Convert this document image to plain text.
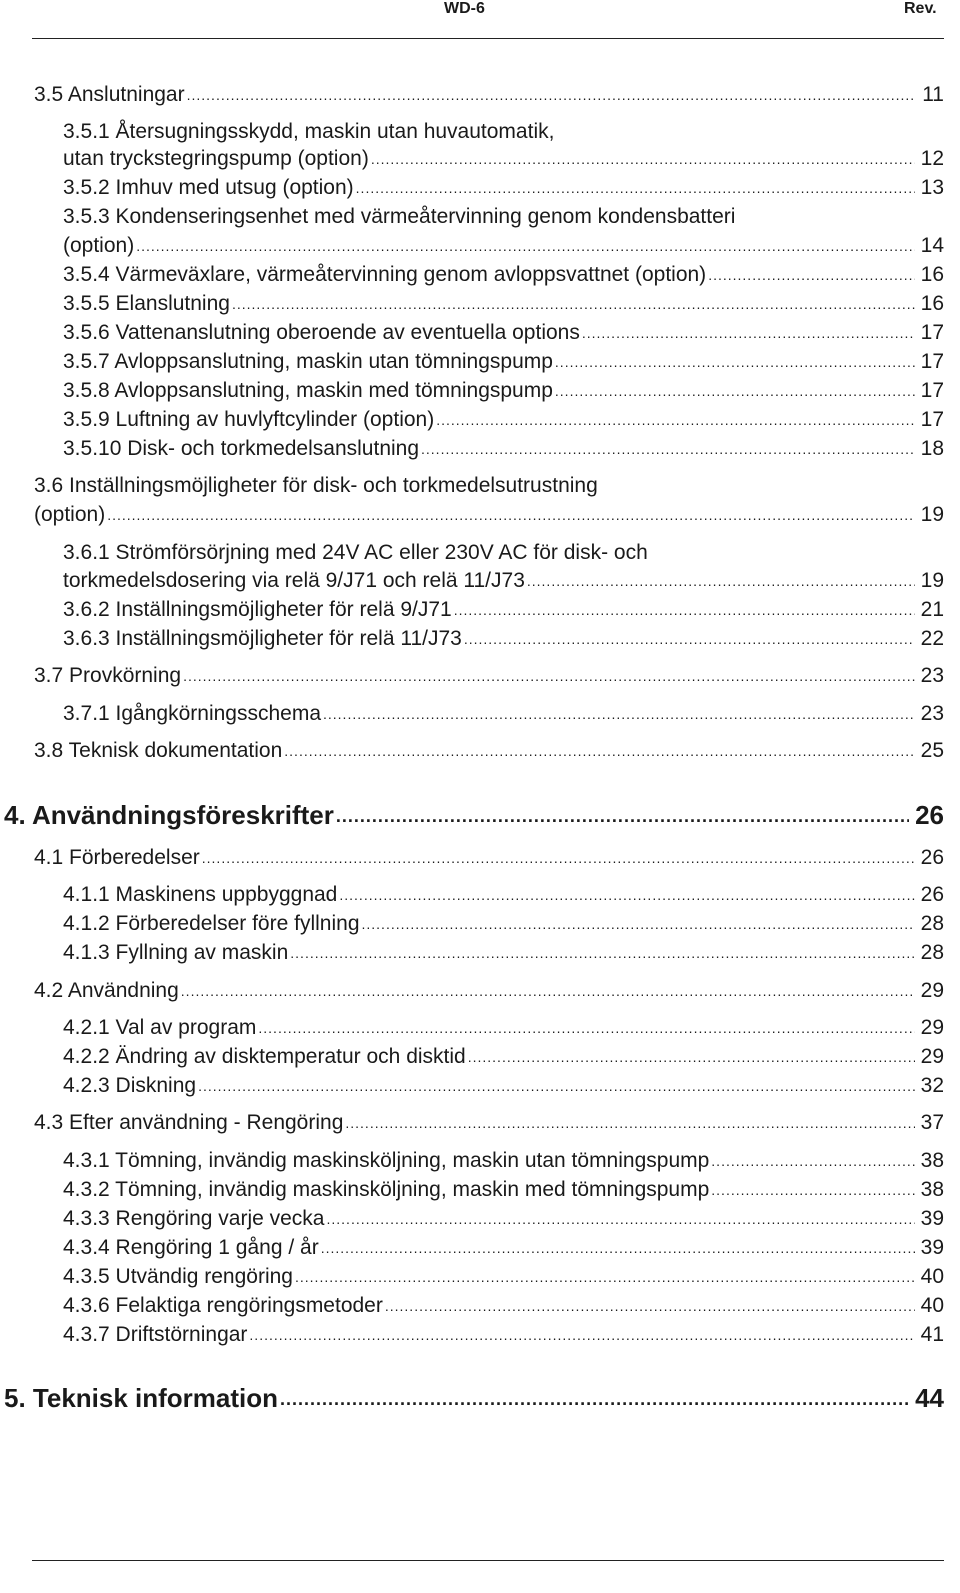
WD-6	Rev.
3.5 Anslutningar .....	11
3.5.1 Återsugningsskydd, maskin utan huvautomatik,
utan tryckstegringspump (option) .....	12
3.5.2 Imhuv med utsug (option) .....	13
3.5.3 Kondenseringsenhet med värmeåtervinning genom kondensbatteri
(option) .....	14
3.5.4 Värmeväxlare, värmeåtervinning genom avloppsvattnet (option) .....	16
3.5.5 Elanslutning .....	16
3.5.6 Vattenanslutning oberoende av eventuella options .....	17
3.5.7 Avloppsanslutning, maskin utan tömningspump .....	17
3.5.8 Avloppsanslutning, maskin med tömningspump .....	17
3.5.9 Luftning av huvlyftcylinder (option) .....	17
3.5.10 Disk- och torkmedelsanslutning .....	18
3.6 Inställningsmöjligheter för disk- och torkmedelsutrustning
(option) .....	19
3.6.1 Strömförsörjning med 24V AC eller 230V AC för disk- och
torkmedelsdosering via relä 9/J71 och relä 11/J73 .....	19
3.6.2 Inställningsmöjligheter för relä 9/J71 .....	21
3.6.3 Inställningsmöjligheter för relä 11/J73 .....	22
3.7 Provkörning .....	23
3.7.1 Igångkörningsschema .....	23
3.8 Teknisk dokumentation .....	25
4. Användningsföreskrifter .....	26
4.1 Förberedelser .....	26
4.1.1 Maskinens uppbyggnad .....	26
4.1.2 Förberedelser före fyllning .....	28
4.1.3 Fyllning av maskin .....	28
4.2 Användning .....	29
4.2.1 Val av program .....	29
4.2.2 Ändring av disktemperatur och disktid .....	29
4.2.3 Diskning .....	32
4.3 Efter användning - Rengöring .....	37
4.3.1 Tömning, invändig maskinsköljning, maskin utan tömningspump .....	38
4.3.2 Tömning, invändig maskinsköljning, maskin med tömningspump .....	38
4.3.3 Rengöring varje vecka .....	39
4.3.4 Rengöring 1 gång / år .....	39
4.3.5 Utvändig rengöring .....	40
4.3.6 Felaktiga rengöringsmetoder .....	40
4.3.7 Driftstörningar .....	41
5. Teknisk information .....	44
